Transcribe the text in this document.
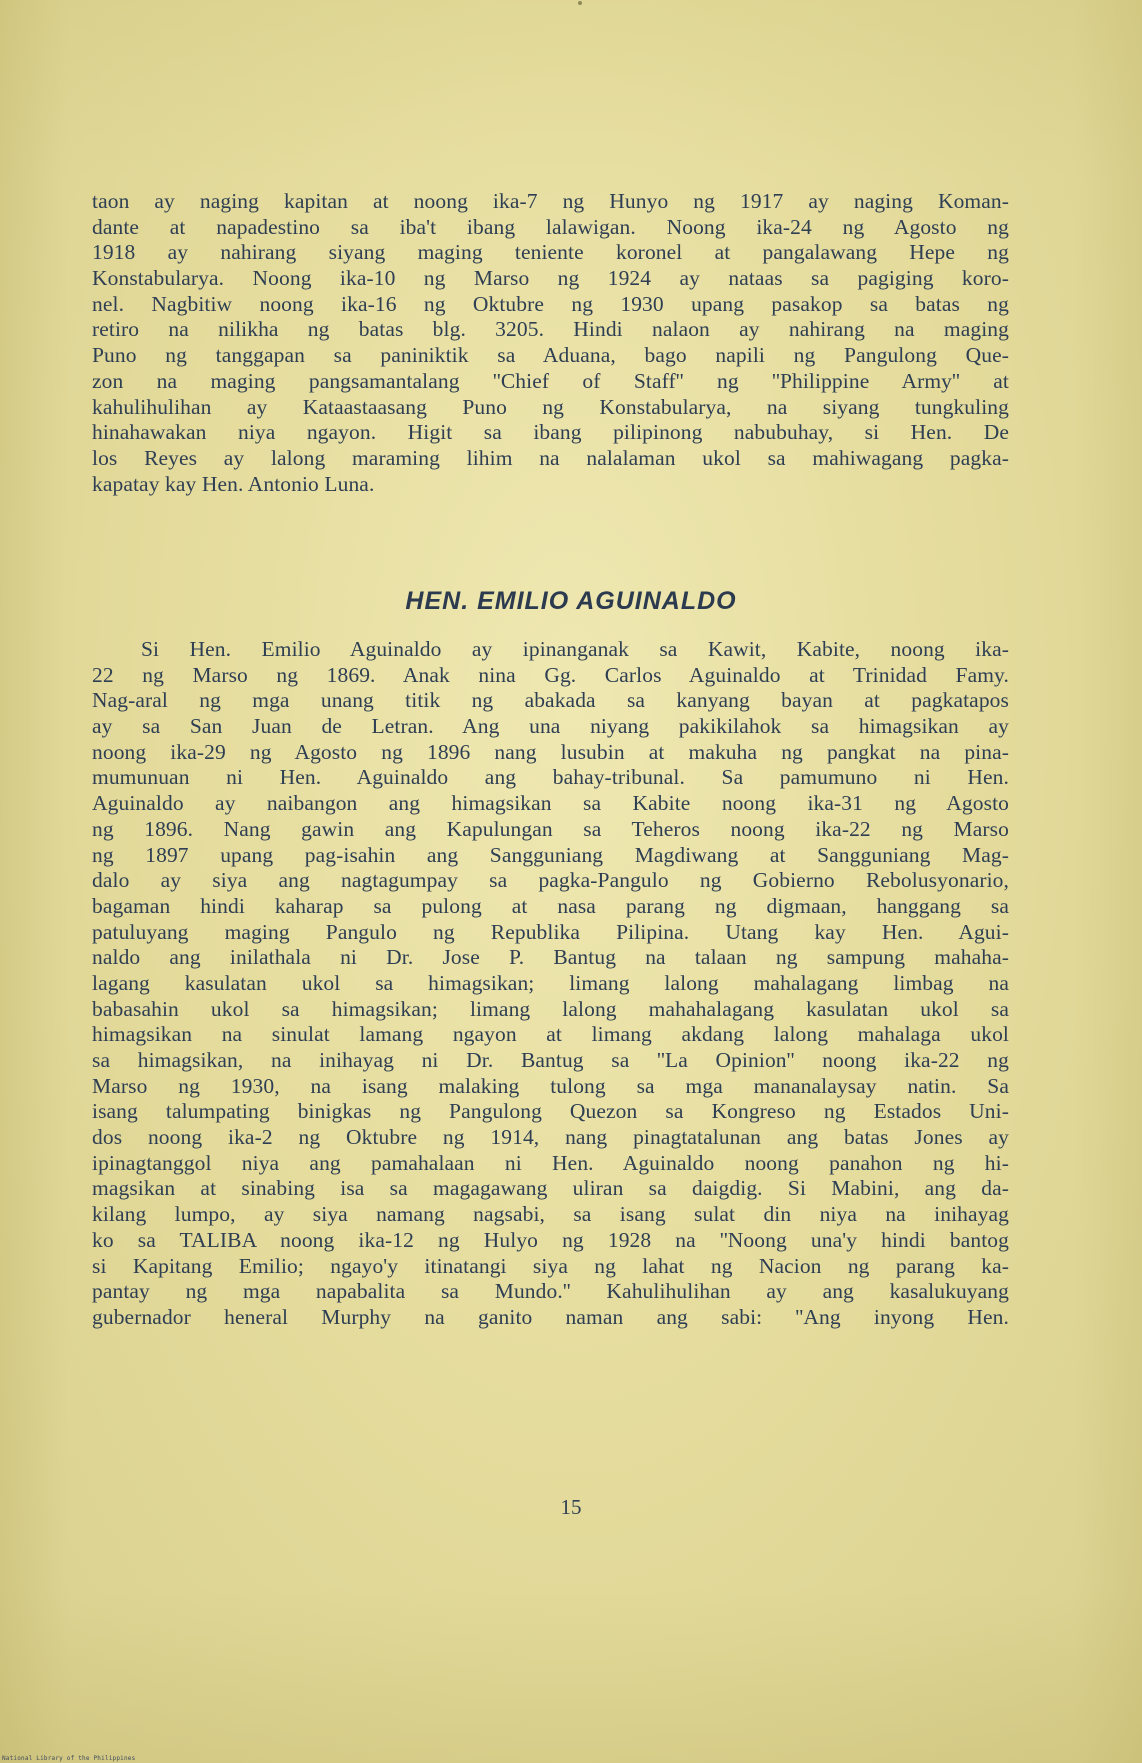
taon ay naging kapitan at noong ika-7 ng Hunyo ng 1917 ay naging Koman-
dante at napadestino sa iba't ibang lalawigan. Noong ika-24 ng Agosto ng
1918 ay nahirang siyang maging teniente koronel at pangalawang Hepe ng
Konstabularya. Noong ika-10 ng Marso ng 1924 ay nataas sa pagiging koro-
nel. Nagbitiw noong ika-16 ng Oktubre ng 1930 upang pasakop sa batas ng
retiro na nilikha ng batas blg. 3205. Hindi nalaon ay nahirang na maging
Puno ng tanggapan sa paniniktik sa Aduana, bago napili ng Pangulong Que-
zon na maging pangsamantalang ''Chief of Staff'' ng ''Philippine Army'' at
kahulihulihan ay Kataastaasang Puno ng Konstabularya, na siyang tungkuling
hinahawakan niya ngayon. Higit sa ibang pilipinong nabubuhay, si Hen. De
los Reyes ay lalong maraming lihim na nalalaman ukol sa mahiwagang pagka-
kapatay kay Hen. Antonio Luna.
HEN. EMILIO AGUINALDO
Si Hen. Emilio Aguinaldo ay ipinanganak sa Kawit, Kabite, noong ika-
22 ng Marso ng 1869. Anak nina Gg. Carlos Aguinaldo at Trinidad Famy.
Nag-aral ng mga unang titik ng abakada sa kanyang bayan at pagkatapos
ay sa San Juan de Letran. Ang una niyang pakikilahok sa himagsikan ay
noong ika-29 ng Agosto ng 1896 nang lusubin at makuha ng pangkat na pina-
mumunuan ni Hen. Aguinaldo ang bahay-tribunal. Sa pamumuno ni Hen.
Aguinaldo ay naibangon ang himagsikan sa Kabite noong ika-31 ng Agosto
ng 1896. Nang gawin ang Kapulungan sa Teheros noong ika-22 ng Marso
ng 1897 upang pag-isahin ang Sangguniang Magdiwang at Sangguniang Mag-
dalo ay siya ang nagtagumpay sa pagka-Pangulo ng Gobierno Rebolusyonario,
bagaman hindi kaharap sa pulong at nasa parang ng digmaan, hanggang sa
patuluyang maging Pangulo ng Republika Pilipina. Utang kay Hen. Agui-
naldo ang inilathala ni Dr. Jose P. Bantug na talaan ng sampung mahaha-
lagang kasulatan ukol sa himagsikan; limang lalong mahalagang limbag na
babasahin ukol sa himagsikan; limang lalong mahahalagang kasulatan ukol sa
himagsikan na sinulat lamang ngayon at limang akdang lalong mahalaga ukol
sa himagsikan, na inihayag ni Dr. Bantug sa ''La Opinion'' noong ika-22 ng
Marso ng 1930, na isang malaking tulong sa mga mananalaysay natin. Sa
isang talumpating binigkas ng Pangulong Quezon sa Kongreso ng Estados Uni-
dos noong ika-2 ng Oktubre ng 1914, nang pinagtatalunan ang batas Jones ay
ipinagtanggol niya ang pamahalaan ni Hen. Aguinaldo noong panahon ng hi-
magsikan at sinabing isa sa magagawang uliran sa daigdig. Si Mabini, ang da-
kilang lumpo, ay siya namang nagsabi, sa isang sulat din niya na inihayag
ko sa TALIBA noong ika-12 ng Hulyo ng 1928 na ''Noong una'y hindi bantog
si Kapitang Emilio; ngayo'y itinatangi siya ng lahat ng Nacion ng parang ka-
pantay ng mga napabalita sa Mundo.'' Kahulihulihan ay ang kasalukuyang
gubernador heneral Murphy na ganito naman ang sabi: ''Ang inyong Hen.
15
National Library of the Philippines
